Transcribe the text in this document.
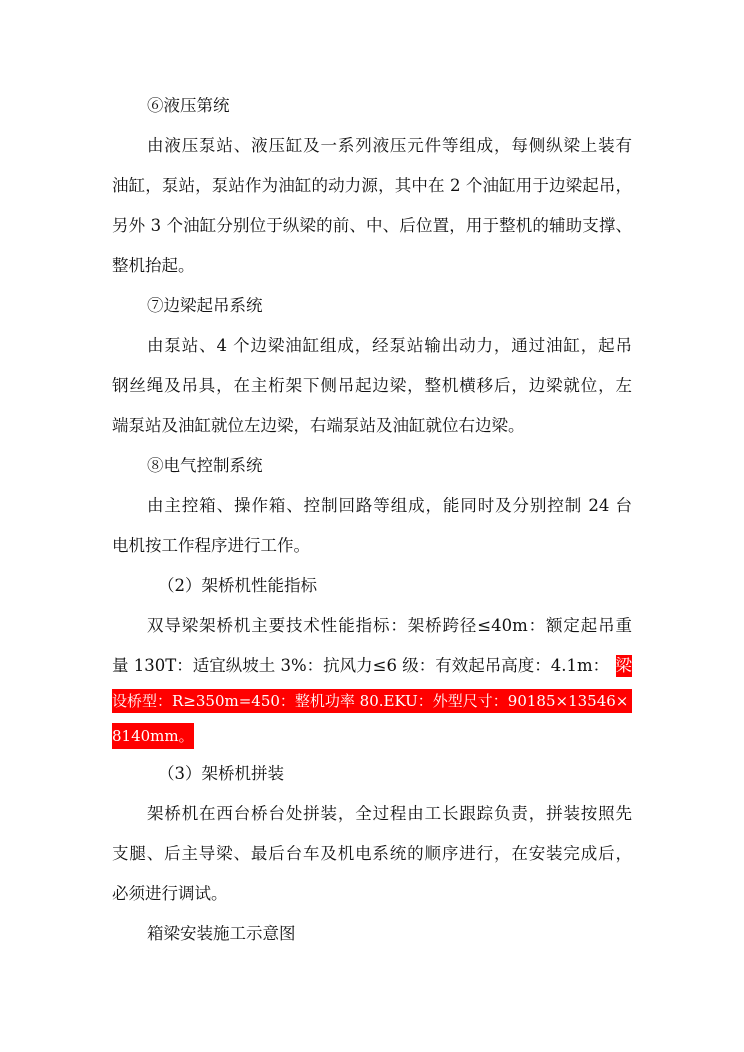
⑥液压第统
由液压泵站、液压缸及一系列液压元件等组成，每侧纵梁上装有
油缸，泵站，泵站作为油缸的动力源，其中在 2 个油缸用于边梁起吊，
另外 3 个油缸分别位于纵梁的前、中、后位置，用于整机的辅助支撑、
整机抬起。
⑦边梁起吊系统
由泵站、4 个边梁油缸组成，经泵站输出动力，通过油缸，起吊
钢丝绳及吊具，在主桁架下侧吊起边梁，整机横移后，边梁就位，左
端泵站及油缸就位左边梁，右端泵站及油缸就位右边梁。
⑧电气控制系统
由主控箱、操作箱、控制回路等组成，能同时及分别控制 24 台
电机按工作程序进行工作。
（2）架桥机性能指标
双导梁架桥机主要技术性能指标：架桥跨径≤40m：额定起吊重
量 130T：适宜纵坡土 3%：抗风力≤6 级：有效起吊高度：4.1m： 梁
设桥型：R≥350m=450：整机功率 80.EKU：外型尺寸：90185×13546×
8140mm。
（3）架桥机拼装
架桥机在西台桥台处拼装，全过程由工长跟踪负责，拼装按照先
支腿、后主导梁、最后台车及机电系统的顺序进行，在安装完成后，
必须进行调试。
箱梁安装施工示意图
